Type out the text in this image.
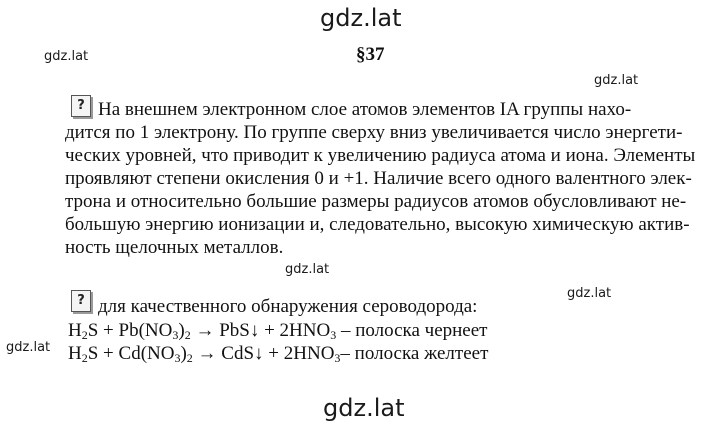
gdz.lat
gdz.lat	§37
gdz.lat
? На внешнем электронном слое атомов элементов IA группы нахо-
дится по 1 электрону. По группе сверху вниз увеличивается число энергети-
ческих уровней, что приводит к увеличению радиуса атома и иона. Элементы
проявляют степени окисления 0 и +1. Наличие всего одного валентного элек-
трона и относительно большие размеры радиусов атомов обусловливают не-
большую энергию ионизации и, следовательно, высокую химическую актив-
ность щелочных металлов.
gdz.lat
gdz.lat
? для качественного обнаружения сероводорода:
$H_2S + Pb(NO_3)_2$ → PbS↓ + $2HNO_3$ – полоска чернеет
gdz.lat $H_2S + Cd(NO_3)_2$ → CdS↓ + $2HNO_3-$ полоска желтеет
gdz.lat
